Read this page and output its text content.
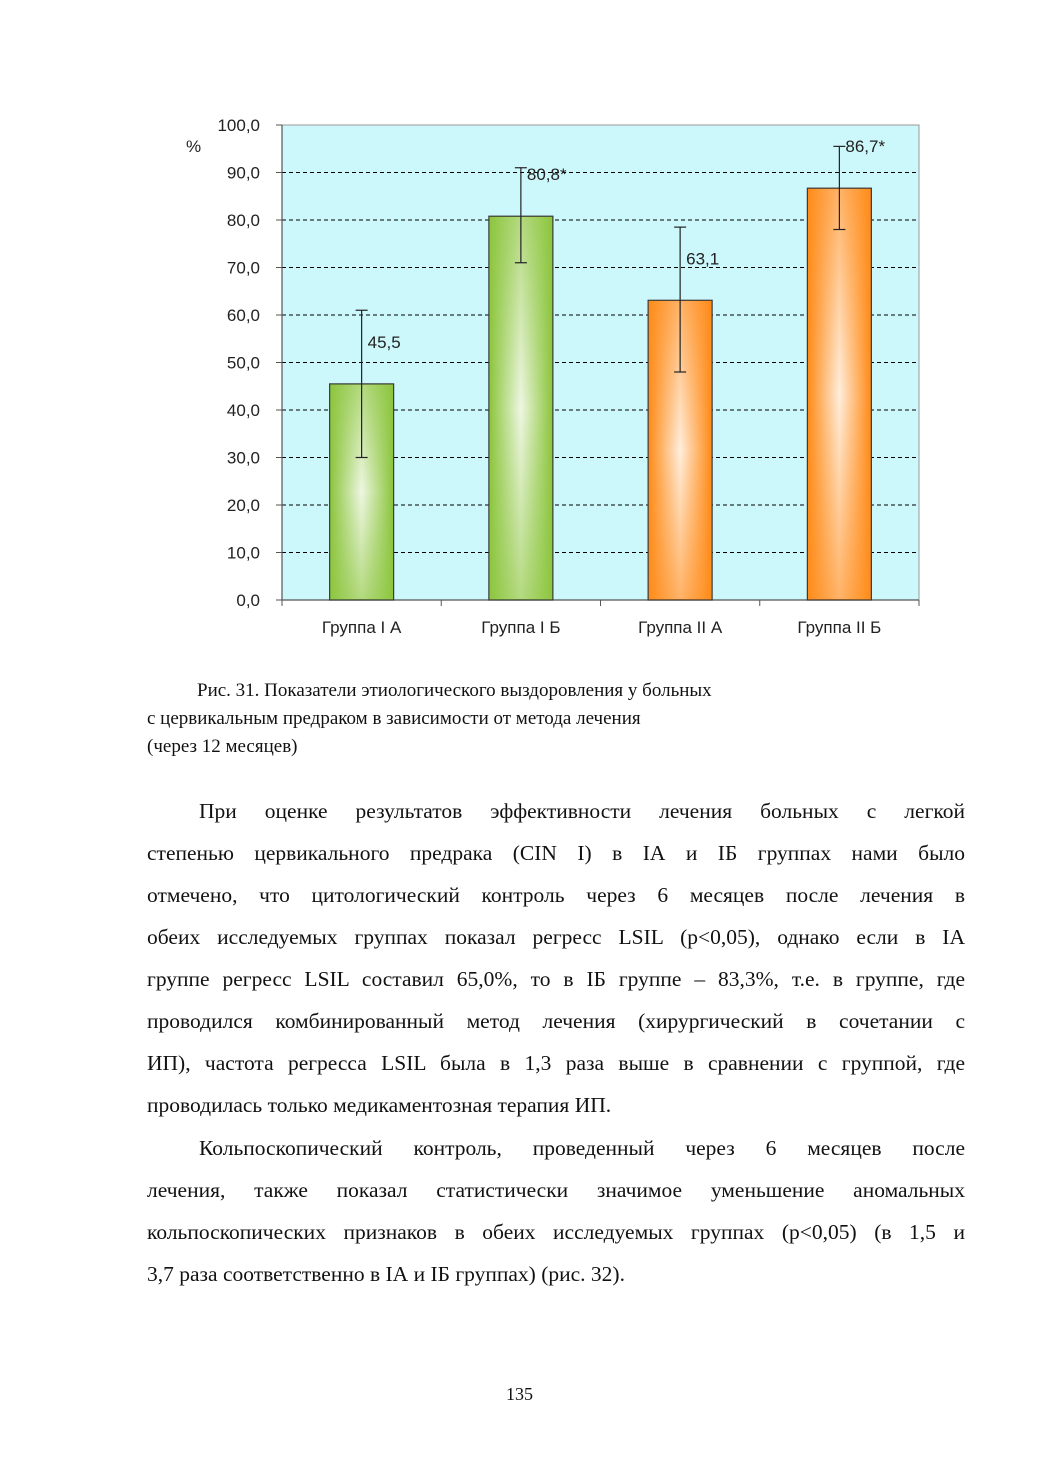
0,0
10,0
20,0
30,0
40,0
50,0
60,0
70,0
80,0
90,0
100,0
%
45,5
Группа I А
80,8*
Группа I Б
63,1
Группа II А
86,7*
Группа II Б
Рис. 31. Показатели этиологического выздоровления у больных
с цервикальным предраком в зависимости от метода лечения
(через 12 месяцев)
При оценке результатов эффективности лечения больных с легкой
степенью цервикального предрака (CIN I) в IА и IБ группах нами было
отмечено, что цитологический контроль через 6 месяцев после лечения в
обеих исследуемых группах показал регресс LSIL (p<0,05), однако если в IА
группе регресс LSIL составил 65,0%, то в IБ группе – 83,3%, т.е. в группе, где
проводился комбинированный метод лечения (хирургический в сочетании с
ИП), частота регресса LSIL была в 1,3 раза выше в сравнении с группой, где
проводилась только медикаментозная терапия ИП.
Кольпоскопический контроль, проведенный через 6 месяцев после
лечения, также показал статистически значимое уменьшение аномальных
кольпоскопических признаков в обеих исследуемых группах (p<0,05) (в 1,5 и
3,7 раза соответственно в IА и IБ группах) (рис. 32).
135
